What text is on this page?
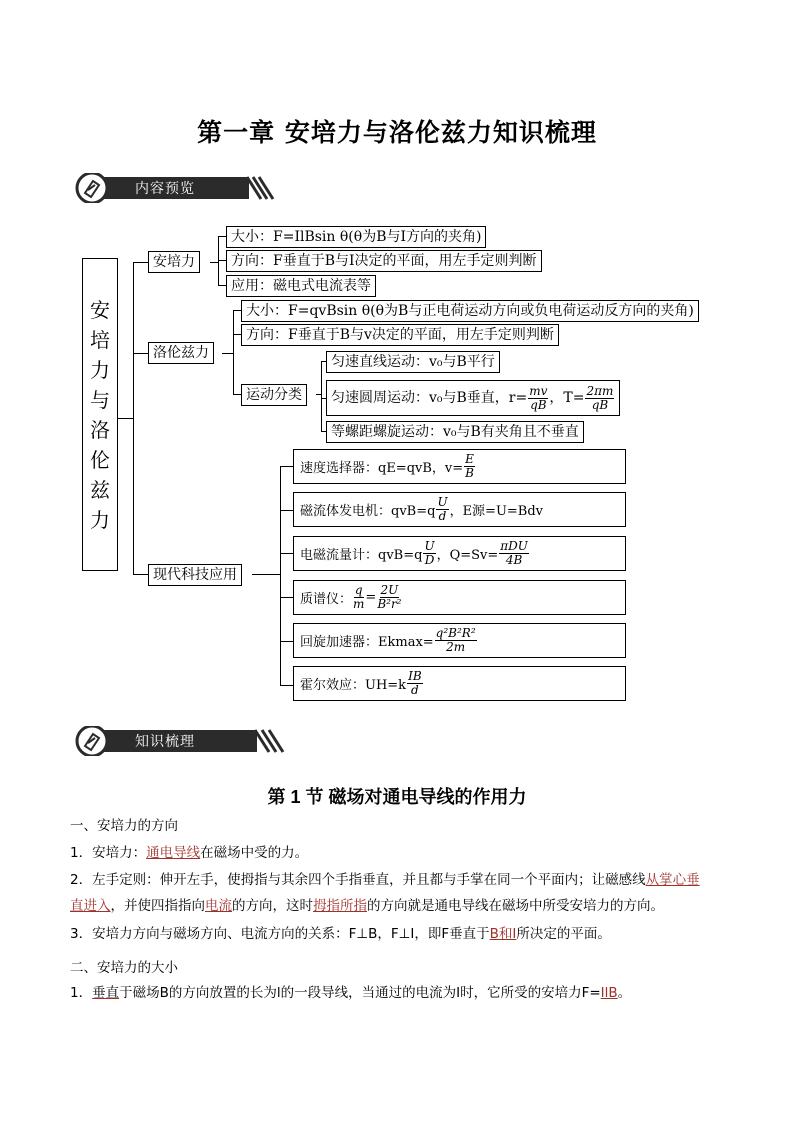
第一章 安培力与洛伦兹力知识梳理
内容预览
安
培
力
与
洛
伦
兹
力
安培力
洛伦兹力
现代科技应用
大小：F=IlBsin θ(θ为B与I方向的夹角)
方向：F垂直于B与I决定的平面，用左手定则判断
应用：磁电式电流表等
大小：F=qvBsin θ(θ为B与正电荷运动方向或负电荷运动反方向的夹角)
方向：F垂直于B与v决定的平面，用左手定则判断
运动分类
匀速直线运动：v₀与B平行
匀速圆周运动：v₀与B垂直，$r= \frac{mv}{qB}$ ，$T= \frac{2\pi m}{qB}$
等螺距螺旋运动：v₀与B有夹角且不垂直
速度选择器：qE=qvB，$v= \frac{E}{B}$
磁流体发电机：$qvB=q \frac{U}{d}$ ，E源=U=Bdv
电磁流量计：$qvB=q \frac{U}{D}$ ，$Q=Sv= \frac{\text{πDU}}{4B}$
质谱仪： $\frac{q}{m} = \frac{2U}{\text{B²r²}}$
回旋加速器：$Ekmax= \frac{\text{q²B²R²}}{2m}$
霍尔效应：$UH=k \frac{IB}{d}$
知识梳理
第 1 节 磁场对通电导线的作用力
一、安培力的方向
1．安培力：通电导线在磁场中受的力。
2．左手定则：伸开左手，使拇指与其余四个手指垂直，并且都与手掌在同一个平面内；让磁感线从掌心垂
直进入，并使四指指向电流的方向，这时拇指所指的方向就是通电导线在磁场中所受安培力的方向。
3．安培力方向与磁场方向、电流方向的关系：F⊥B，F⊥I，即F垂直于B和I所决定的平面。
二、安培力的大小
1．垂直于磁场B的方向放置的长为l的一段导线，当通过的电流为I时，它所受的安培力F=IlB。
